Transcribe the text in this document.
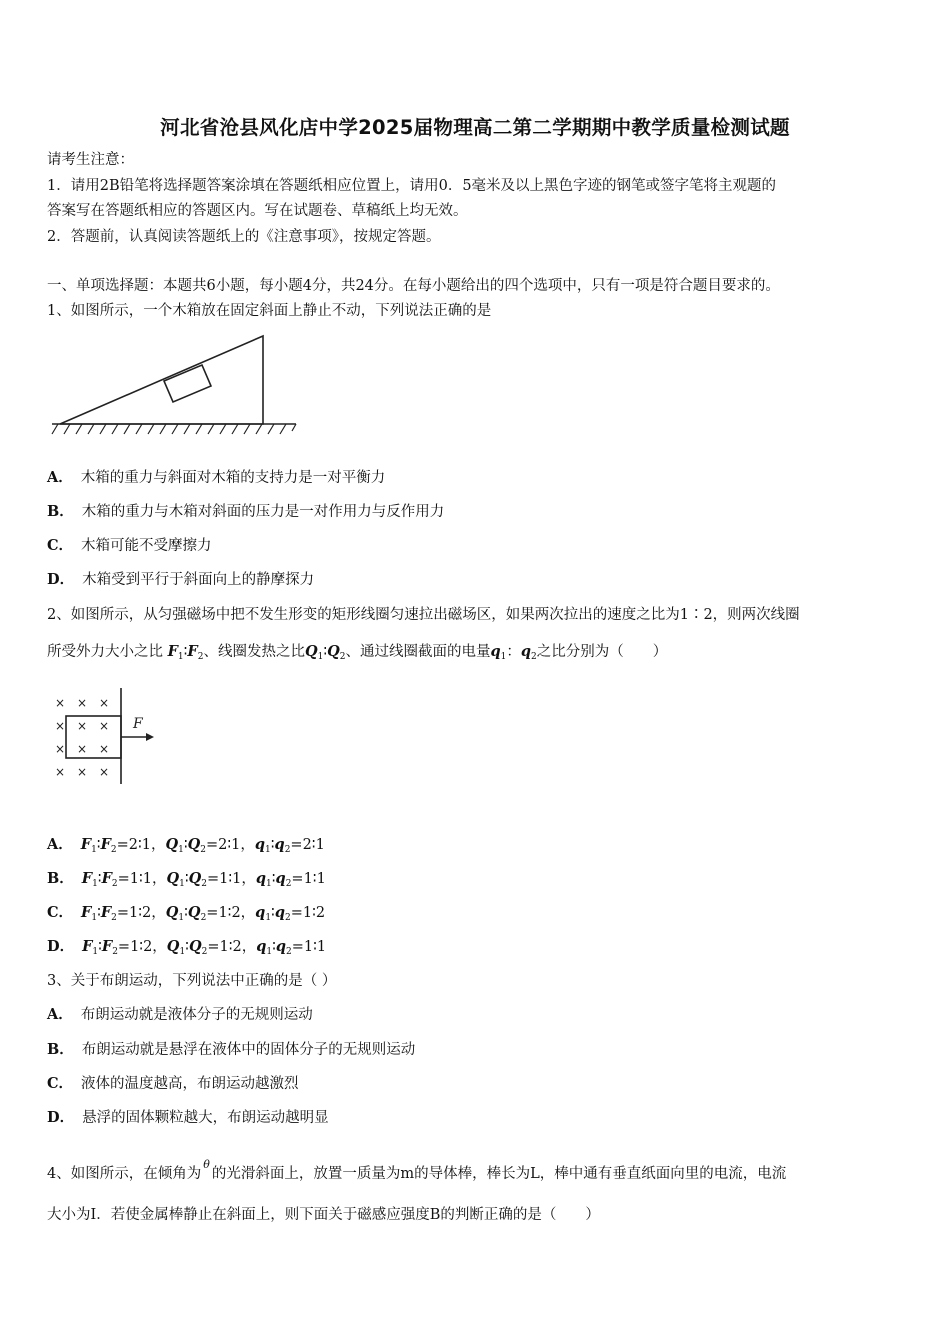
河北省沧县风化店中学2025届物理高二第二学期期中教学质量检测试题
请考生注意：
1．请用2B铅笔将选择题答案涂填在答题纸相应位置上，请用0．5毫米及以上黑色字迹的钢笔或签字笔将主观题的
答案写在答题纸相应的答题区内。写在试题卷、草稿纸上均无效。
2．答题前，认真阅读答题纸上的《注意事项》，按规定答题。
一、单项选择题：本题共6小题，每小题4分，共24分。在每小题给出的四个选项中，只有一项是符合题目要求的。
1、如图所示，一个木箱放在固定斜面上静止不动，下列说法正确的是
A． 木箱的重力与斜面对木箱的支持力是一对平衡力
B． 木箱的重力与木箱对斜面的压力是一对作用力与反作用力
C． 木箱可能不受摩擦力
D． 木箱受到平行于斜面向上的静摩探力
2、如图所示，从匀强磁场中把不发生形变的矩形线圈匀速拉出磁场区，如果两次拉出的速度之比为1∶2，则两次线圈
所受外力大小之比 $F_1∶F_2$、线圈发热之比$Q_1∶Q_2$、通过线圈截面的电量$q_1$：$q_2$之比分别为（　　）
× × ×
× × ×
× × ×
× × ×
F
A． $F_1∶F_2=2∶1$，$Q_1∶Q_2=2∶1$，$q_1∶q_2=2∶1$
B． $F_1∶F_2=1∶1$，$Q_1∶Q_2=1∶1$，$q_1∶q_2=1∶1$
C． $F_1∶F_2=1∶2$，$Q_1∶Q_2=1∶2$，$q_1∶q_2=1∶2$
D． $F_1∶F_2=1∶2$，$Q_1∶Q_2=1∶2$，$q_1∶q_2=1∶1$
3、关于布朗运动，下列说法中正确的是（ ）
A． 布朗运动就是液体分子的无规则运动
B． 布朗运动就是悬浮在液体中的固体分子的无规则运动
C． 液体的温度越高，布朗运动越激烈
D． 悬浮的固体颗粒越大，布朗运动越明显
4、如图所示，在倾角为$^\theta$的光滑斜面上，放置一质量为m的导体棒，棒长为L，棒中通有垂直纸面向里的电流，电流
大小为I．若使金属棒静止在斜面上，则下面关于磁感应强度B的判断正确的是（　　）
